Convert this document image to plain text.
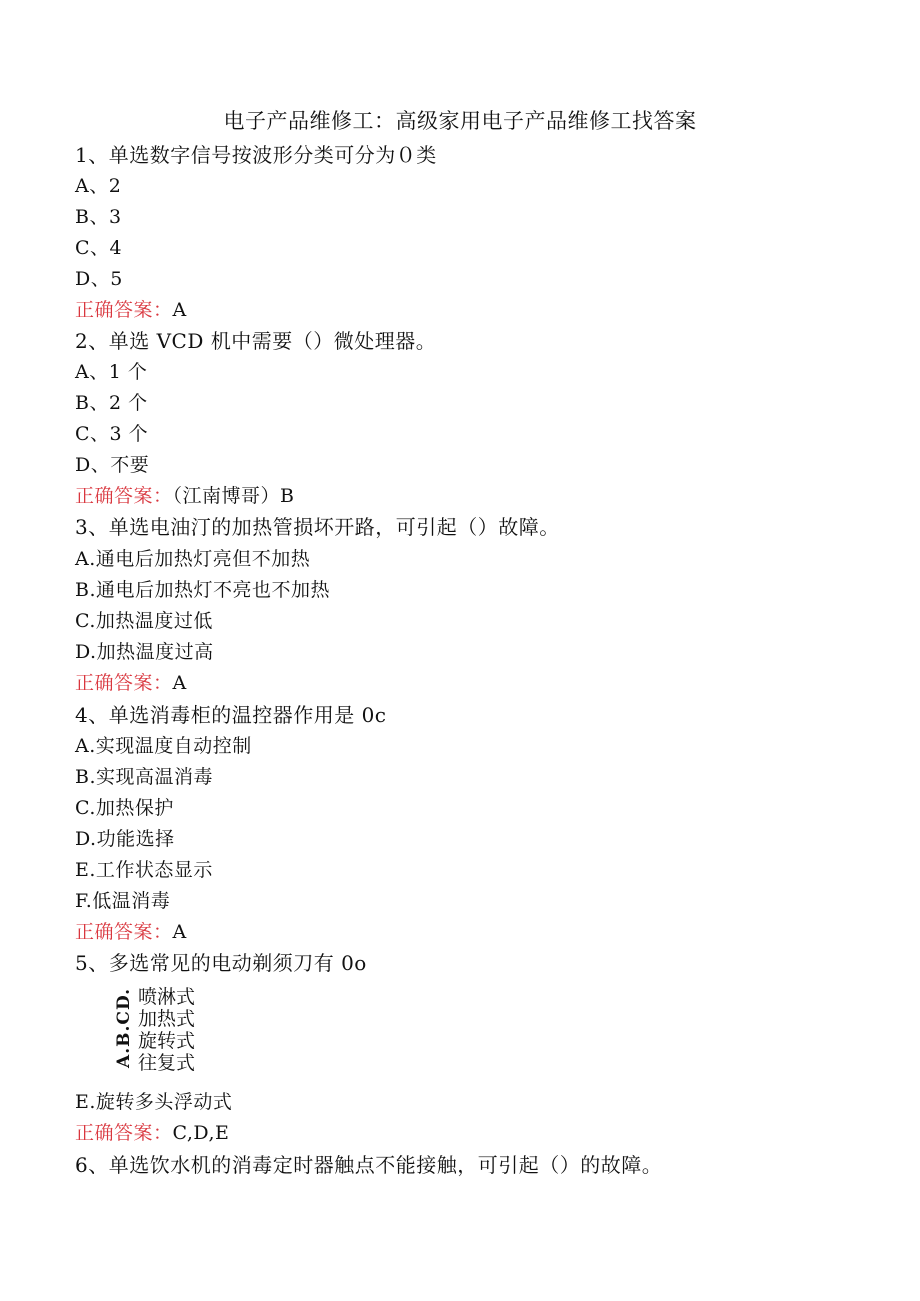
电子产品维修工：高级家用电子产品维修工找答案
1、单选数字信号按波形分类可分为０类
A、2
B、3
C、4
D、5
正确答案：A
2、单选 VCD 机中需要（）微处理器。
A、1 个
B、2 个
C、3 个
D、不要
正确答案：（江南博哥）B
3、单选电油汀的加热管损坏开路，可引起（）故障。
A.通电后加热灯亮但不加热
B.通电后加热灯不亮也不加热
C.加热温度过低
D.加热温度过高
正确答案：A
4、单选消毒柜的温控器作用是 0c
A.实现温度自动控制
B.实现高温消毒
C.加热保护
D.功能选择
E.工作状态显示
F.低温消毒
正确答案：A
5、多选常见的电动剃须刀有 0o
A.B.CD. 喷淋式
加热式
旋转式
往复式
E.旋转多头浮动式
正确答案：C,D,E
6、单选饮水机的消毒定时器触点不能接触，可引起（）的故障。
